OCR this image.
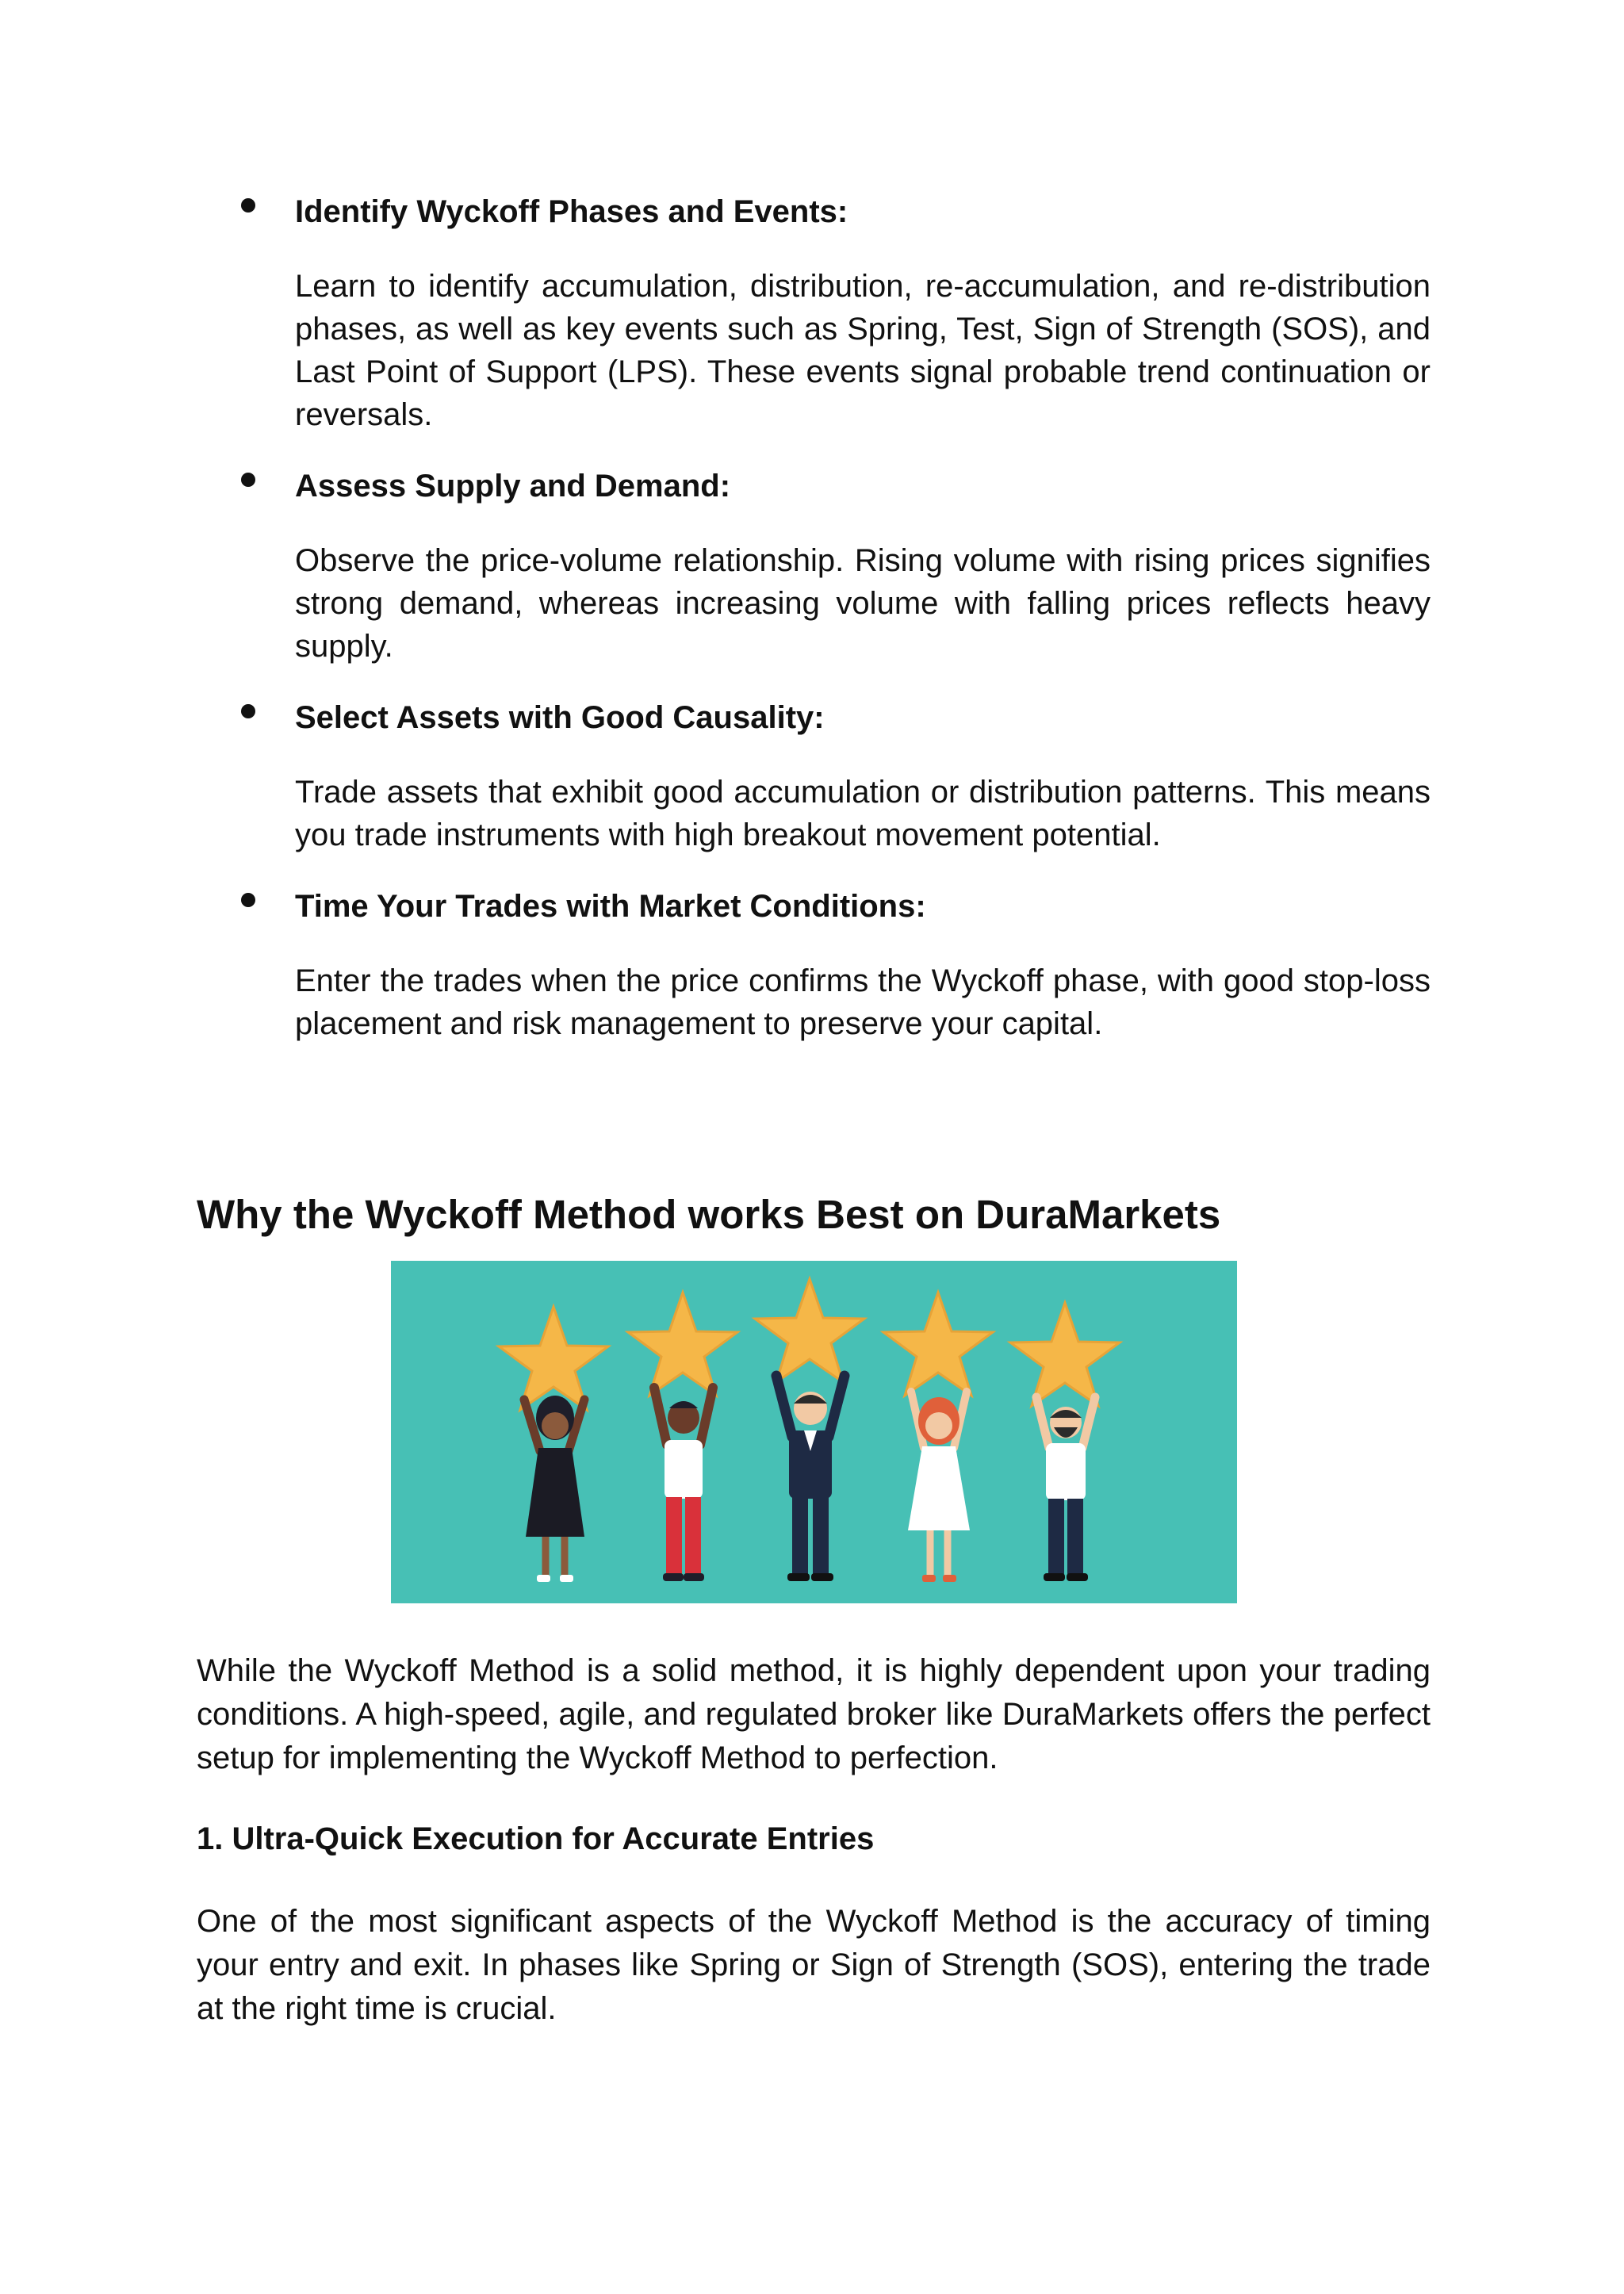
Identify Wyckoff Phases and Events:
Learn to identify accumulation, distribution, re-accumulation, and re-distribution phases, as well as key events such as Spring, Test, Sign of Strength (SOS), and Last Point of Support (LPS). These events signal probable trend continuation or reversals.
Assess Supply and Demand:
Observe the price-volume relationship. Rising volume with rising prices signifies strong demand, whereas increasing volume with falling prices reflects heavy supply.
Select Assets with Good Causality:
Trade assets that exhibit good accumulation or distribution patterns. This means you trade instruments with high breakout movement potential.
Time Your Trades with Market Conditions:
Enter the trades when the price confirms the Wyckoff phase, with good stop-loss placement and risk management to preserve your capital.
Why the Wyckoff Method works Best on DuraMarkets
While the Wyckoff Method is a solid method, it is highly dependent upon your trading conditions. A high-speed, agile, and regulated broker like DuraMarkets offers the perfect setup for implementing the Wyckoff Method to perfection.
1. Ultra-Quick Execution for Accurate Entries
One of the most significant aspects of the Wyckoff Method is the accuracy of timing your entry and exit. In phases like Spring or Sign of Strength (SOS), entering the trade at the right time is crucial.
